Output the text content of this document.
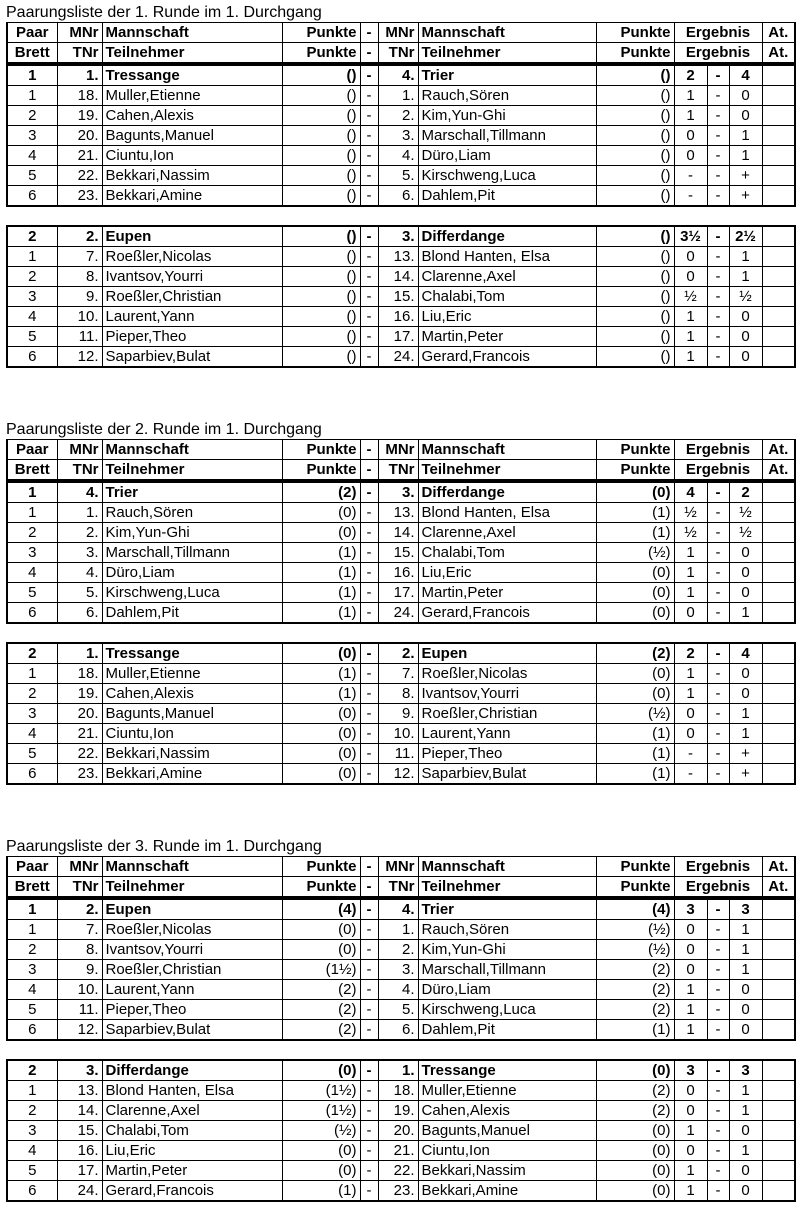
Paarungsliste der 1. Runde im 1. Durchgang
Paar	MNr	Mannschaft	Punkte	-	MNr	Mannschaft	Punkte	Ergebnis	At.
Brett	TNr	Teilnehmer	Punkte	-	TNr	Teilnehmer	Punkte	Ergebnis	At.
1	1.	Tressange	()	-	4.	Trier	()	2	-	4	
1	18.	Muller,Etienne	()	-	1.	Rauch,Sören	()	1	-	0	
2	19.	Cahen,Alexis	()	-	2.	Kim,Yun-Ghi	()	1	-	0	
3	20.	Bagunts,Manuel	()	-	3.	Marschall,Tillmann	()	0	-	1	
4	21.	Ciuntu,Ion	()	-	4.	Düro,Liam	()	0	-	1	
5	22.	Bekkari,Nassim	()	-	5.	Kirschweng,Luca	()	-	-	+	
6	23.	Bekkari,Amine	()	-	6.	Dahlem,Pit	()	-	-	+	
2	2.	Eupen	()	-	3.	Differdange	()	3½	-	2½	
1	7.	Roeßler,Nicolas	()	-	13.	Blond Hanten, Elsa	()	0	-	1	
2	8.	Ivantsov,Yourri	()	-	14.	Clarenne,Axel	()	0	-	1	
3	9.	Roeßler,Christian	()	-	15.	Chalabi,Tom	()	½	-	½	
4	10.	Laurent,Yann	()	-	16.	Liu,Eric	()	1	-	0	
5	11.	Pieper,Theo	()	-	17.	Martin,Peter	()	1	-	0	
6	12.	Saparbiev,Bulat	()	-	24.	Gerard,Francois	()	1	-	0	
Paarungsliste der 2. Runde im 1. Durchgang
Paar	MNr	Mannschaft	Punkte	-	MNr	Mannschaft	Punkte	Ergebnis	At.
Brett	TNr	Teilnehmer	Punkte	-	TNr	Teilnehmer	Punkte	Ergebnis	At.
1	4.	Trier	(2)	-	3.	Differdange	(0)	4	-	2	
1	1.	Rauch,Sören	(0)	-	13.	Blond Hanten, Elsa	(1)	½	-	½	
2	2.	Kim,Yun-Ghi	(0)	-	14.	Clarenne,Axel	(1)	½	-	½	
3	3.	Marschall,Tillmann	(1)	-	15.	Chalabi,Tom	(½)	1	-	0	
4	4.	Düro,Liam	(1)	-	16.	Liu,Eric	(0)	1	-	0	
5	5.	Kirschweng,Luca	(1)	-	17.	Martin,Peter	(0)	1	-	0	
6	6.	Dahlem,Pit	(1)	-	24.	Gerard,Francois	(0)	0	-	1	
2	1.	Tressange	(0)	-	2.	Eupen	(2)	2	-	4	
1	18.	Muller,Etienne	(1)	-	7.	Roeßler,Nicolas	(0)	1	-	0	
2	19.	Cahen,Alexis	(1)	-	8.	Ivantsov,Yourri	(0)	1	-	0	
3	20.	Bagunts,Manuel	(0)	-	9.	Roeßler,Christian	(½)	0	-	1	
4	21.	Ciuntu,Ion	(0)	-	10.	Laurent,Yann	(1)	0	-	1	
5	22.	Bekkari,Nassim	(0)	-	11.	Pieper,Theo	(1)	-	-	+	
6	23.	Bekkari,Amine	(0)	-	12.	Saparbiev,Bulat	(1)	-	-	+	
Paarungsliste der 3. Runde im 1. Durchgang
Paar	MNr	Mannschaft	Punkte	-	MNr	Mannschaft	Punkte	Ergebnis	At.
Brett	TNr	Teilnehmer	Punkte	-	TNr	Teilnehmer	Punkte	Ergebnis	At.
1	2.	Eupen	(4)	-	4.	Trier	(4)	3	-	3	
1	7.	Roeßler,Nicolas	(0)	-	1.	Rauch,Sören	(½)	0	-	1	
2	8.	Ivantsov,Yourri	(0)	-	2.	Kim,Yun-Ghi	(½)	0	-	1	
3	9.	Roeßler,Christian	(1½)	-	3.	Marschall,Tillmann	(2)	0	-	1	
4	10.	Laurent,Yann	(2)	-	4.	Düro,Liam	(2)	1	-	0	
5	11.	Pieper,Theo	(2)	-	5.	Kirschweng,Luca	(2)	1	-	0	
6	12.	Saparbiev,Bulat	(2)	-	6.	Dahlem,Pit	(1)	1	-	0	
2	3.	Differdange	(0)	-	1.	Tressange	(0)	3	-	3	
1	13.	Blond Hanten, Elsa	(1½)	-	18.	Muller,Etienne	(2)	0	-	1	
2	14.	Clarenne,Axel	(1½)	-	19.	Cahen,Alexis	(2)	0	-	1	
3	15.	Chalabi,Tom	(½)	-	20.	Bagunts,Manuel	(0)	1	-	0	
4	16.	Liu,Eric	(0)	-	21.	Ciuntu,Ion	(0)	0	-	1	
5	17.	Martin,Peter	(0)	-	22.	Bekkari,Nassim	(0)	1	-	0	
6	24.	Gerard,Francois	(1)	-	23.	Bekkari,Amine	(0)	1	-	0	
